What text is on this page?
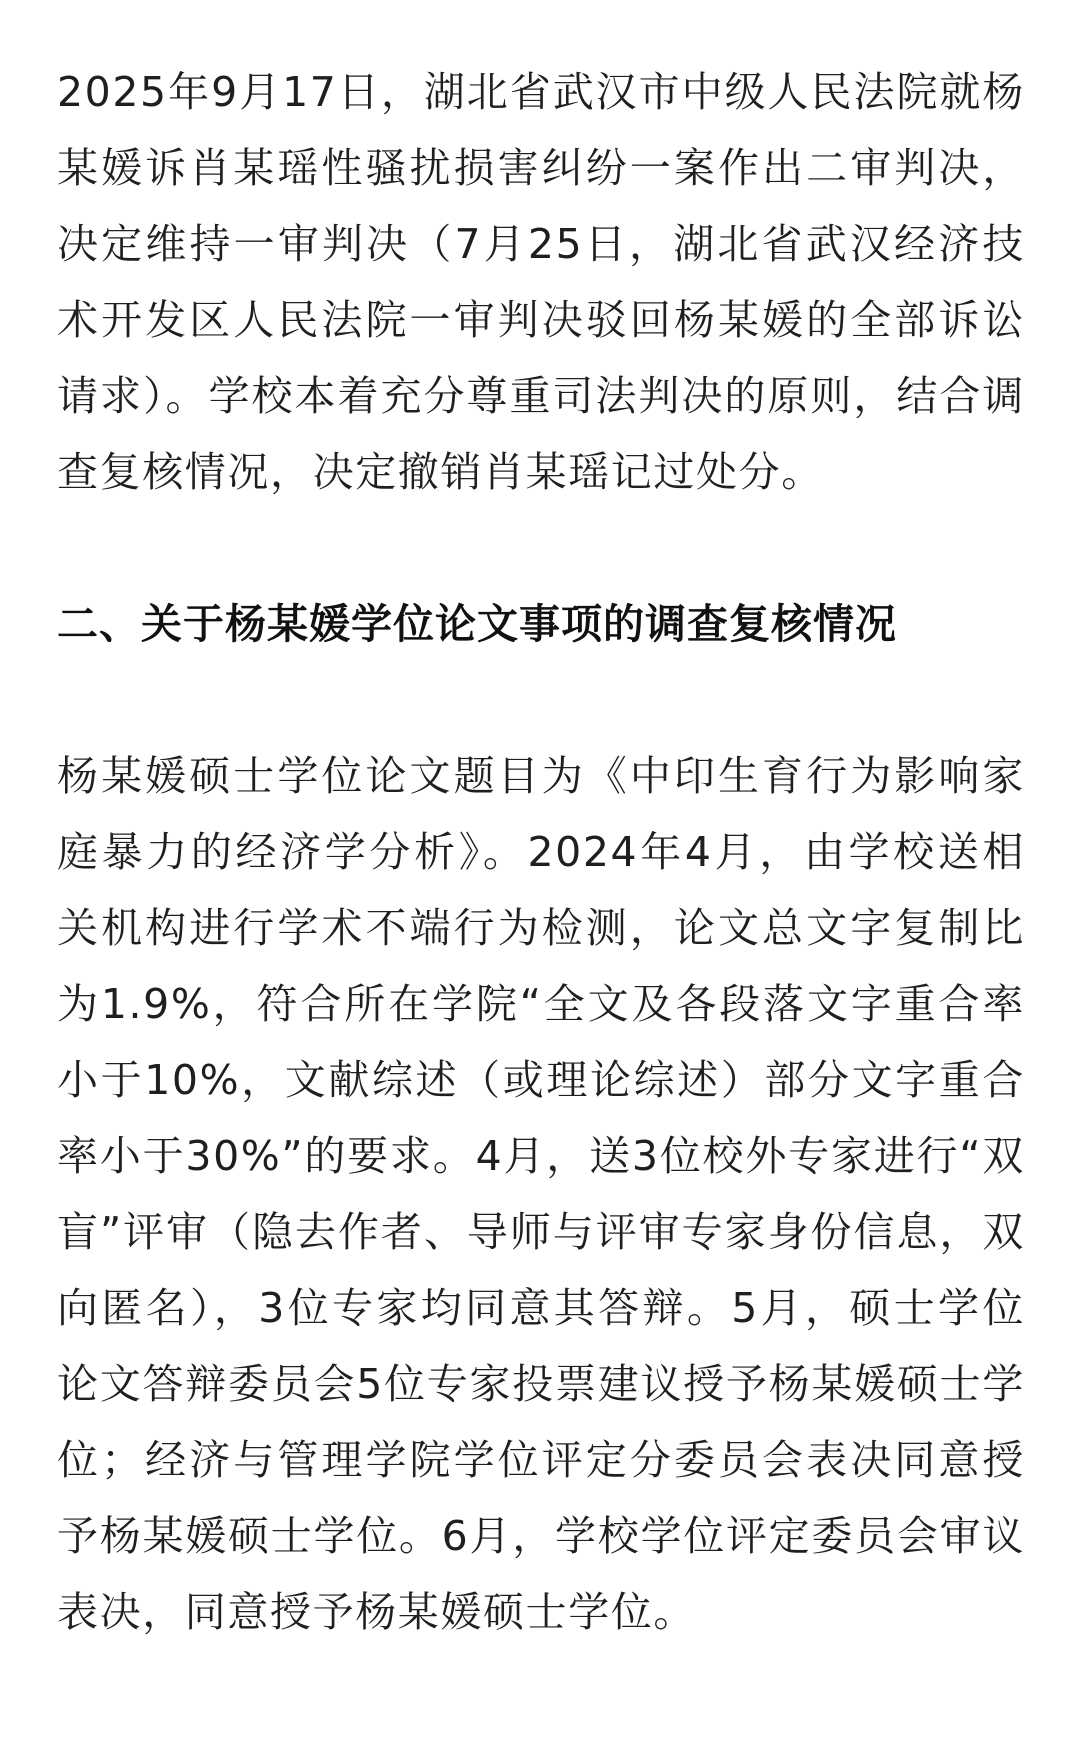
2025年9月17日，湖北省武汉市中级人民法院就杨某媛诉肖某瑶性骚扰损害纠纷一案作出二审判决，决定维持一审判决（7月25日，湖北省武汉经济技术开发区人民法院一审判决驳回杨某媛的全部诉讼请求）。学校本着充分尊重司法判决的原则，结合调查复核情况，决定撤销肖某瑶记过处分。

二、关于杨某媛学位论文事项的调查复核情况

杨某媛硕士学位论文题目为《中印生育行为影响家庭暴力的经济学分析》。2024年4月，由学校送相关机构进行学术不端行为检测，论文总文字复制比为1.9%，符合所在学院“全文及各段落文字重合率小于10%，文献综述（或理论综述）部分文字重合率小于30%”的要求。4月，送3位校外专家进行“双盲”评审（隐去作者、导师与评审专家身份信息，双向匿名），3位专家均同意其答辩。5月，硕士学位论文答辩委员会5位专家投票建议授予杨某媛硕士学位；经济与管理学院学位评定分委员会表决同意授予杨某媛硕士学位。6月，学校学位评定委员会审议表决，同意授予杨某媛硕士学位。
